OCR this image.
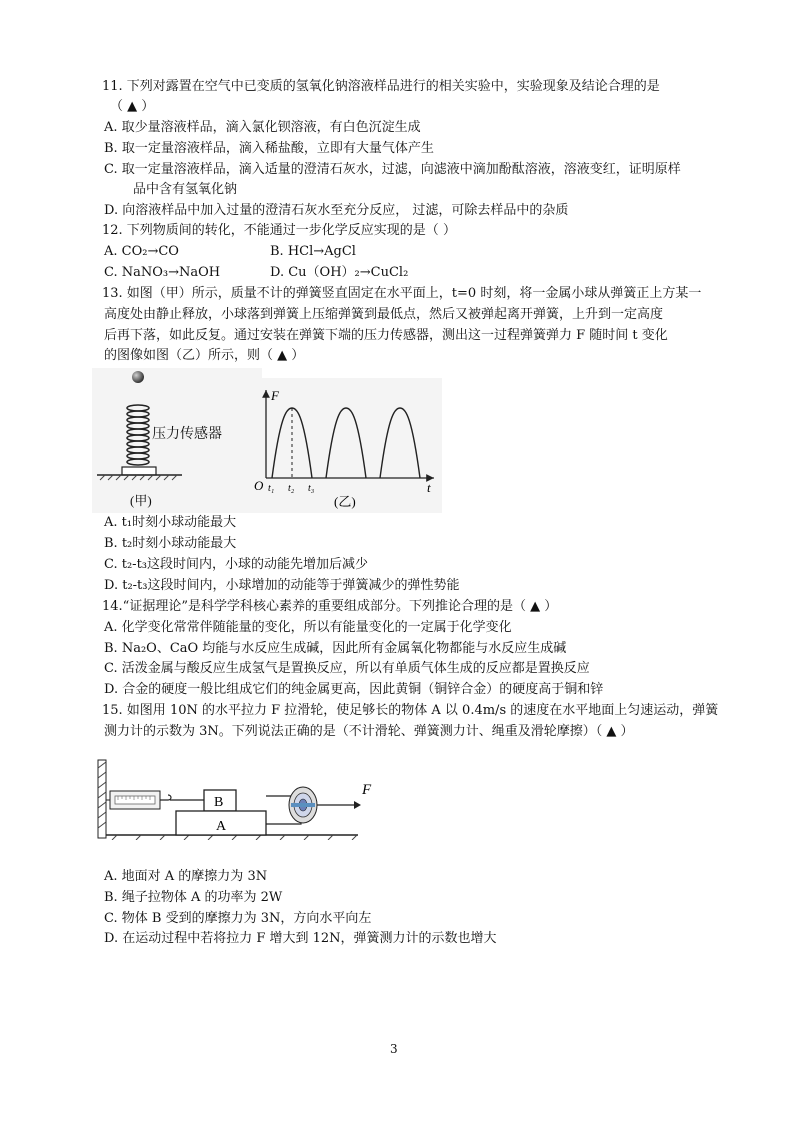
11. 下列对露置在空气中已变质的氢氧化钠溶液样品进行的相关实验中，实验现象及结论合理的是
（ ▲ ）
A. 取少量溶液样品，滴入氯化钡溶液，有白色沉淀生成
B. 取一定量溶液样品，滴入稀盐酸，立即有大量气体产生
C. 取一定量溶液样品，滴入适量的澄清石灰水，过滤，向滤液中滴加酚酞溶液，溶液变红，证明原样
品中含有氢氧化钠
D. 向溶液样品中加入过量的澄清石灰水至充分反应， 过滤，可除去样品中的杂质
12. 下列物质间的转化，不能通过一步化学反应实现的是（ ）
A. CO₂→CO	B. HCl→AgCl
C. NaNO₃→NaOH	D. Cu（OH）₂→CuCl₂
13. 如图（甲）所示，质量不计的弹簧竖直固定在水平面上，t=0 时刻，将一金属小球从弹簧正上方某一
高度处由静止释放，小球落到弹簧上压缩弹簧到最低点，然后又被弹起离开弹簧，上升到一定高度
后再下落，如此反复。通过安装在弹簧下端的压力传感器，测出这一过程弹簧弹力 F 随时间 t 变化
的图像如图（乙）所示，则（ ▲ ）
压力传感器
(甲)
F
t
O t₁ t₂ t₃
(乙)
A. t₁时刻小球动能最大
B. t₂时刻小球动能最大
C. t₂-t₃这段时间内，小球的动能先增加后减少
D. t₂-t₃这段时间内，小球增加的动能等于弹簧减少的弹性势能
14.“证据理论”是科学学科核心素养的重要组成部分。下列推论合理的是（ ▲ ）
A. 化学变化常常伴随能量的变化，所以有能量变化的一定属于化学变化
B. Na₂O、CaO 均能与水反应生成碱，因此所有金属氧化物都能与水反应生成碱
C. 活泼金属与酸反应生成氢气是置换反应，所以有单质气体生成的反应都是置换反应
D. 合金的硬度一般比组成它们的纯金属更高，因此黄铜（铜锌合金）的硬度高于铜和锌
15. 如图用 10N 的水平拉力 F 拉滑轮，使足够长的物体 A 以 0.4m/s 的速度在水平地面上匀速运动，弹簧
测力计的示数为 3N。下列说法正确的是（不计滑轮、弹簧测力计、绳重及滑轮摩擦）（ ▲ ）
B
A
F
A. 地面对 A 的摩擦力为 3N
B. 绳子拉物体 A 的功率为 2W
C. 物体 B 受到的摩擦力为 3N，方向水平向左
D. 在运动过程中若将拉力 F 增大到 12N，弹簧测力计的示数也增大
3
